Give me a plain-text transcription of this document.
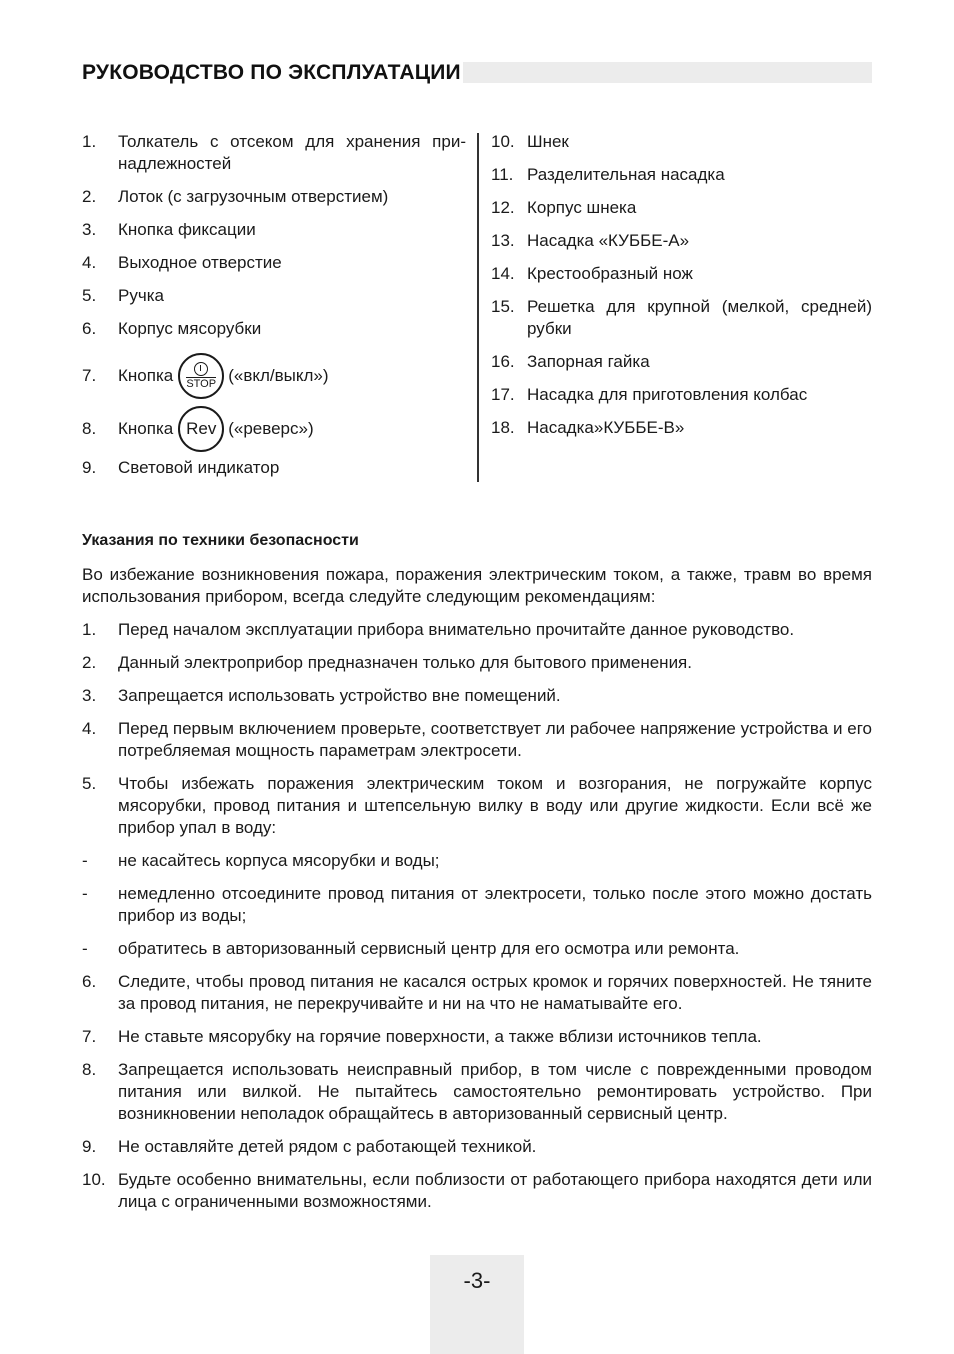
РУКОВОДСТВО ПО ЭКСПЛУАТАЦИИ
1.	Толкатель с отсеком для хранения принадлежностей
2.	Лоток (с загрузочным отверстием)
3.	Кнопка фиксации
4.	Выходное отверстие
5.	Ручка
6.	Корпус мясорубки
7.	Кнопка STOP («вкл/выкл»)
8.	Кнопка Rev («реверс»)
9.	Световой индикатор
10. Шнек
11. Разделительная насадка
12. Корпус шнека
13. Насадка «КУББЕ-А»
14. Крестообразный нож
15. Решетка для крупной (мелкой, средней) рубки
16. Запорная гайка
17. Насадка для приготовления колбас
18. Насадка»КУББЕ-В»
Указания по техники безопасности
Во избежание возникновения пожара, поражения электрическим током, а также, травм во время использования прибором, всегда следуйте следующим рекомендациям:
1.	Перед началом эксплуатации прибора внимательно прочитайте данное руководство.
2.	Данный электроприбор предназначен только для бытового применения.
3.	Запрещается использовать устройство вне помещений.
4.	Перед первым включением проверьте, соответствует ли рабочее напряжение устройства и его потребляемая мощность параметрам электросети.
5.	Чтобы избежать поражения электрическим током и возгорания, не погружайте корпус мясорубки, провод питания и штепсельную вилку в воду или другие жидкости. Если всё же прибор упал в воду:
-	не касайтесь корпуса мясорубки и воды;
-	немедленно отсоедините провод питания от электросети, только после этого можно достать прибор из воды;
-	обратитесь в авторизованный сервисный центр для его осмотра или ремонта.
6.	Следите, чтобы провод питания не касался острых кромок и горячих поверхностей. Не тяните за провод питания, не перекручивайте и ни на что не наматывайте его.
7.	Не ставьте мясорубку на горячие поверхности, а также вблизи источников тепла.
8.	Запрещается использовать неисправный прибор, в том числе с поврежденными проводом питания или вилкой. Не пытайтесь самостоятельно ремонтировать устройство. При возникновении неполадок обращайтесь в авторизованный сервисный центр.
9.	Не оставляйте детей рядом с работающей техникой.
10. Будьте особенно внимательны, если поблизости от работающего прибора находятся дети или лица с ограниченными возможностями.
-3-
